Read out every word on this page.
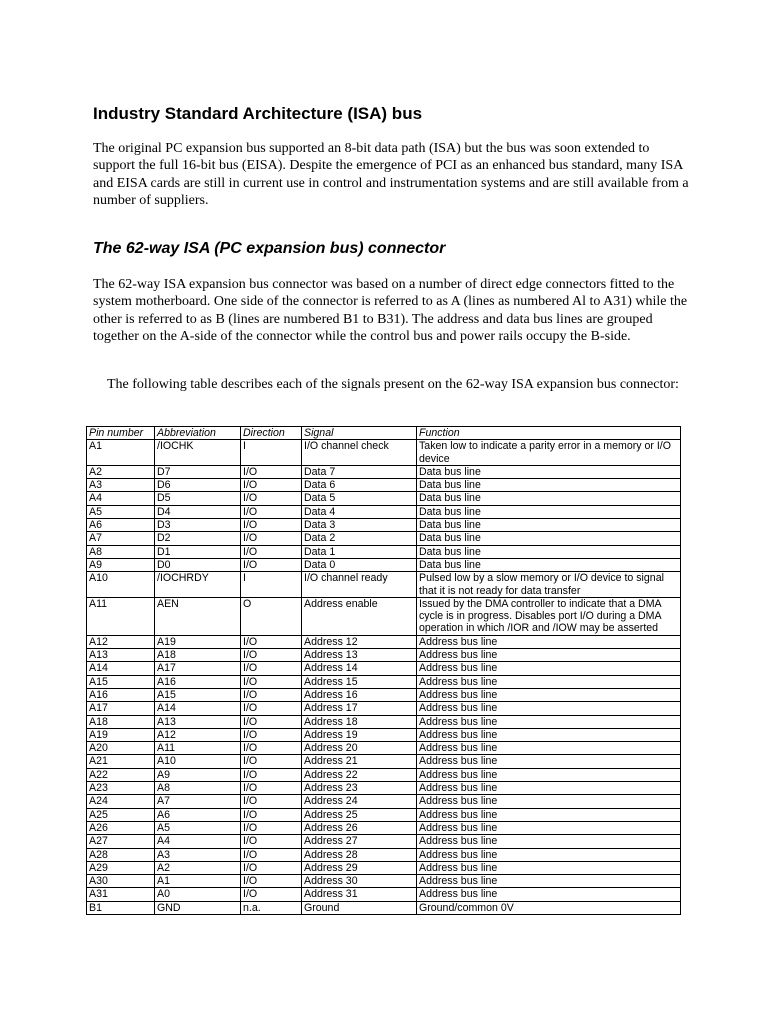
Industry Standard Architecture (ISA) bus

The original PC expansion bus supported an 8-bit data path (ISA) but the bus was soon extended to support the full 16-bit bus (EISA). Despite the emergence of PCI as an enhanced bus standard, many ISA and EISA cards are still in current use in control and instrumentation systems and are still available from a number of suppliers.

The 62-way ISA (PC expansion bus) connector

The 62-way ISA expansion bus connector was based on a number of direct edge connectors fitted to the system motherboard. One side of the connector is referred to as A (lines as numbered Al to A31) while the other is referred to as B (lines are numbered B1 to B31). The address and data bus lines are grouped together on the A-side of the connector while the control bus and power rails occupy the B-side.

The following table describes each of the signals present on the 62-way ISA expansion bus connector:

Pin number	Abbreviation	Direction	Signal	Function
A1	/IOCHK	I	I/O channel check	Taken low to indicate a parity error in a memory or I/O device
A2	D7	I/O	Data 7	Data bus line
A3	D6	I/O	Data 6	Data bus line
A4	D5	I/O	Data 5	Data bus line
A5	D4	I/O	Data 4	Data bus line
A6	D3	I/O	Data 3	Data bus line
A7	D2	I/O	Data 2	Data bus line
A8	D1	I/O	Data 1	Data bus line
A9	D0	I/O	Data 0	Data bus line
A10	/IOCHRDY	I	I/O channel ready	Pulsed low by a slow memory or I/O device to signal that it is not ready for data transfer
A11	AEN	O	Address enable	Issued by the DMA controller to indicate that a DMA cycle is in progress. Disables port I/O during a DMA operation in which /IOR and /IOW may be asserted
A12	A19	I/O	Address 12	Address bus line
A13	A18	I/O	Address 13	Address bus line
A14	A17	I/O	Address 14	Address bus line
A15	A16	I/O	Address 15	Address bus line
A16	A15	I/O	Address 16	Address bus line
A17	A14	I/O	Address 17	Address bus line
A18	A13	I/O	Address 18	Address bus line
A19	A12	I/O	Address 19	Address bus line
A20	A11	I/O	Address 20	Address bus line
A21	A10	I/O	Address 21	Address bus line
A22	A9	I/O	Address 22	Address bus line
A23	A8	I/O	Address 23	Address bus line
A24	A7	I/O	Address 24	Address bus line
A25	A6	I/O	Address 25	Address bus line
A26	A5	I/O	Address 26	Address bus line
A27	A4	I/O	Address 27	Address bus line
A28	A3	I/O	Address 28	Address bus line
A29	A2	I/O	Address 29	Address bus line
A30	A1	I/O	Address 30	Address bus line
A31	A0	I/O	Address 31	Address bus line
B1	GND	n.a.	Ground	Ground/common 0V
